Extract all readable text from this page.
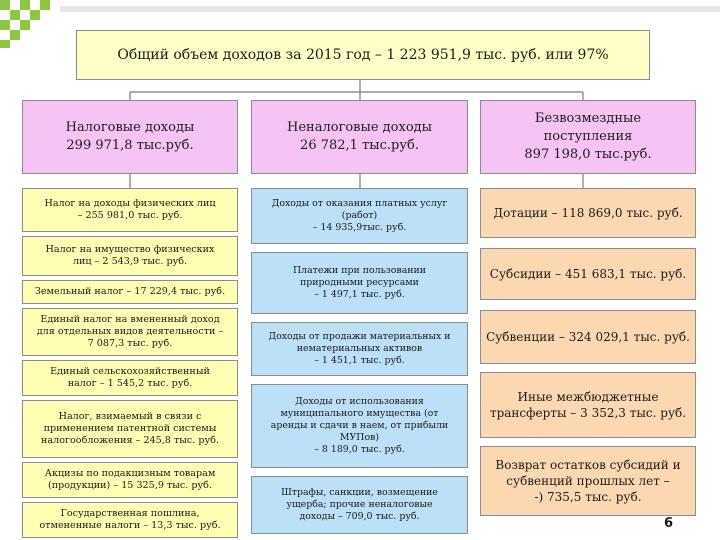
Общий объем доходов за 2015 год – 1 223 951,9 тыс. руб. или 97%
Налоговые доходы
299 971,8 тыс.руб.
Неналоговые доходы
26 782,1 тыс.руб.
Безвозмездные
поступления
897 198,0 тыс.руб.
Налог на доходы физических лиц
– 255 981,0 тыс. руб.
Налог на имущество физических
лиц – 2 543,9 тыс. руб.
Земельный налог – 17 229,4 тыс. руб.
Единый налог на вмененный доход
для отдельных видов деятельности –
7 087,3 тыс. руб.
Единый сельскохозяйственный
налог – 1 545,2 тыс. руб.
Налог, взимаемый в связи с
применением патентной системы
налогообложения – 245,8 тыс. руб.
Акцизы по подакцизным товарам
(продукции) – 15 325,9 тыс. руб.
Государственная пошлина,
отмененные налоги – 13,3 тыс. руб.
Доходы от оказания платных услуг
(работ)
– 14 935,9тыс. руб.
Платежи при пользовании
природными ресурсами
– 1 497,1 тыс. руб.
Доходы от продажи материальных и
нематериальных активов
– 1 451,1 тыс. руб.
Доходы от использования
муниципального имущества (от
аренды и сдачи в наем, от прибыли
МУПов)
– 8 189,0 тыс. руб.
Штрафы, санкции, возмещение
ущерба; прочие неналоговые
доходы – 709,0 тыс. руб.
Дотации – 118 869,0 тыс. руб.
Субсидии – 451 683,1 тыс. руб.
Субвенции – 324 029,1 тыс. руб.
Иные межбюджетные
трансферты – 3 352,3 тыс. руб.
Возврат остатков субсидий и
субвенций прошлых лет –
-) 735,5 тыс. руб.
6
